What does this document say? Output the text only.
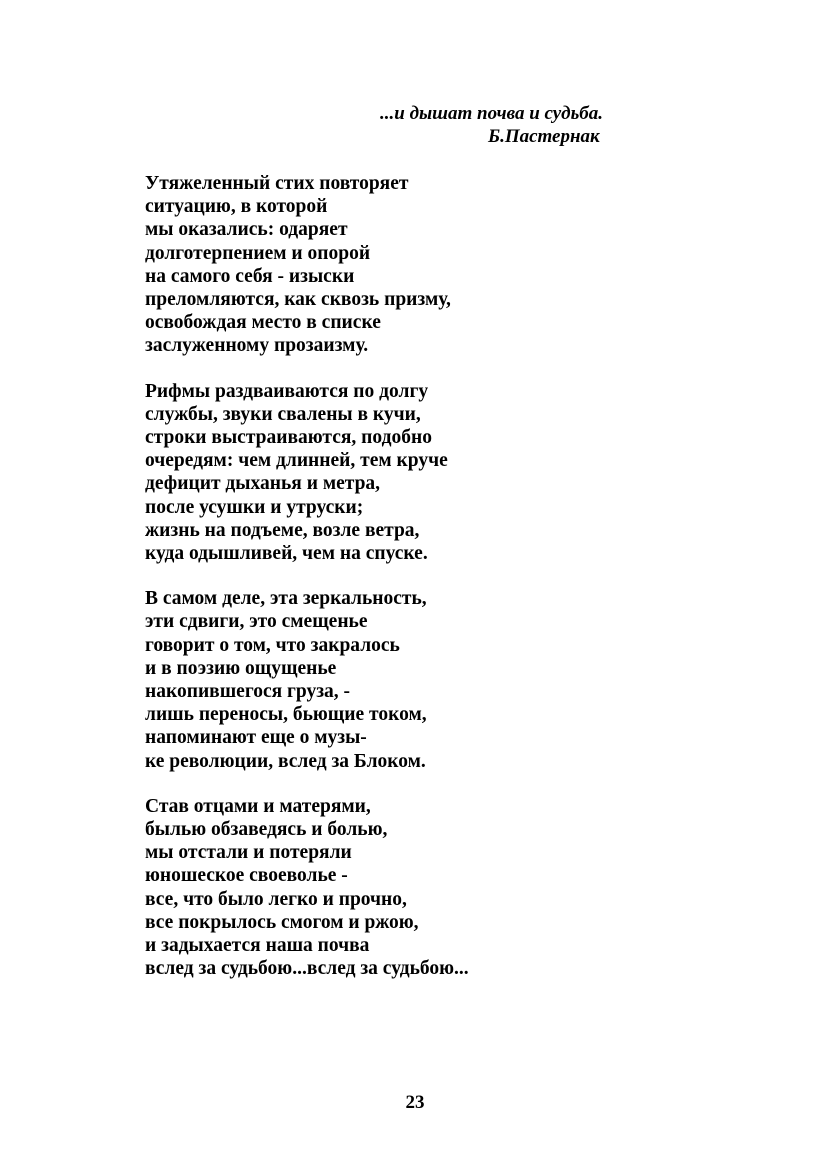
...и дышат почва и судьба.
Б.Пастернак
Утяжеленный стих повторяет
ситуацию, в которой
мы оказались: одаряет
долготерпением и опорой
на самого себя - изыски
преломляются, как сквозь призму,
освобождая место в списке
заслуженному прозаизму.
Рифмы раздваиваются по долгу
службы, звуки свалены в кучи,
строки выстраиваются, подобно
очередям: чем длинней, тем круче
дефицит дыханья и метра,
после усушки и утруски;
жизнь на подъеме, возле ветра,
куда одышливей, чем на спуске.
В самом деле, эта зеркальность,
эти сдвиги, это смещенье
говорит о том, что закралось
и в поэзию ощущенье
накопившегося груза, -
лишь переносы, бьющие током,
напоминают еще о музы-
ке революции, вслед за Блоком.
Став отцами и матерями,
былью обзаведясь и болью,
мы отстали и потеряли
юношеское своеволье -
все, что было легко и прочно,
все покрылось смогом и ржою,
и задыхается наша почва
вслед за судьбою...вслед за судьбою...
23
